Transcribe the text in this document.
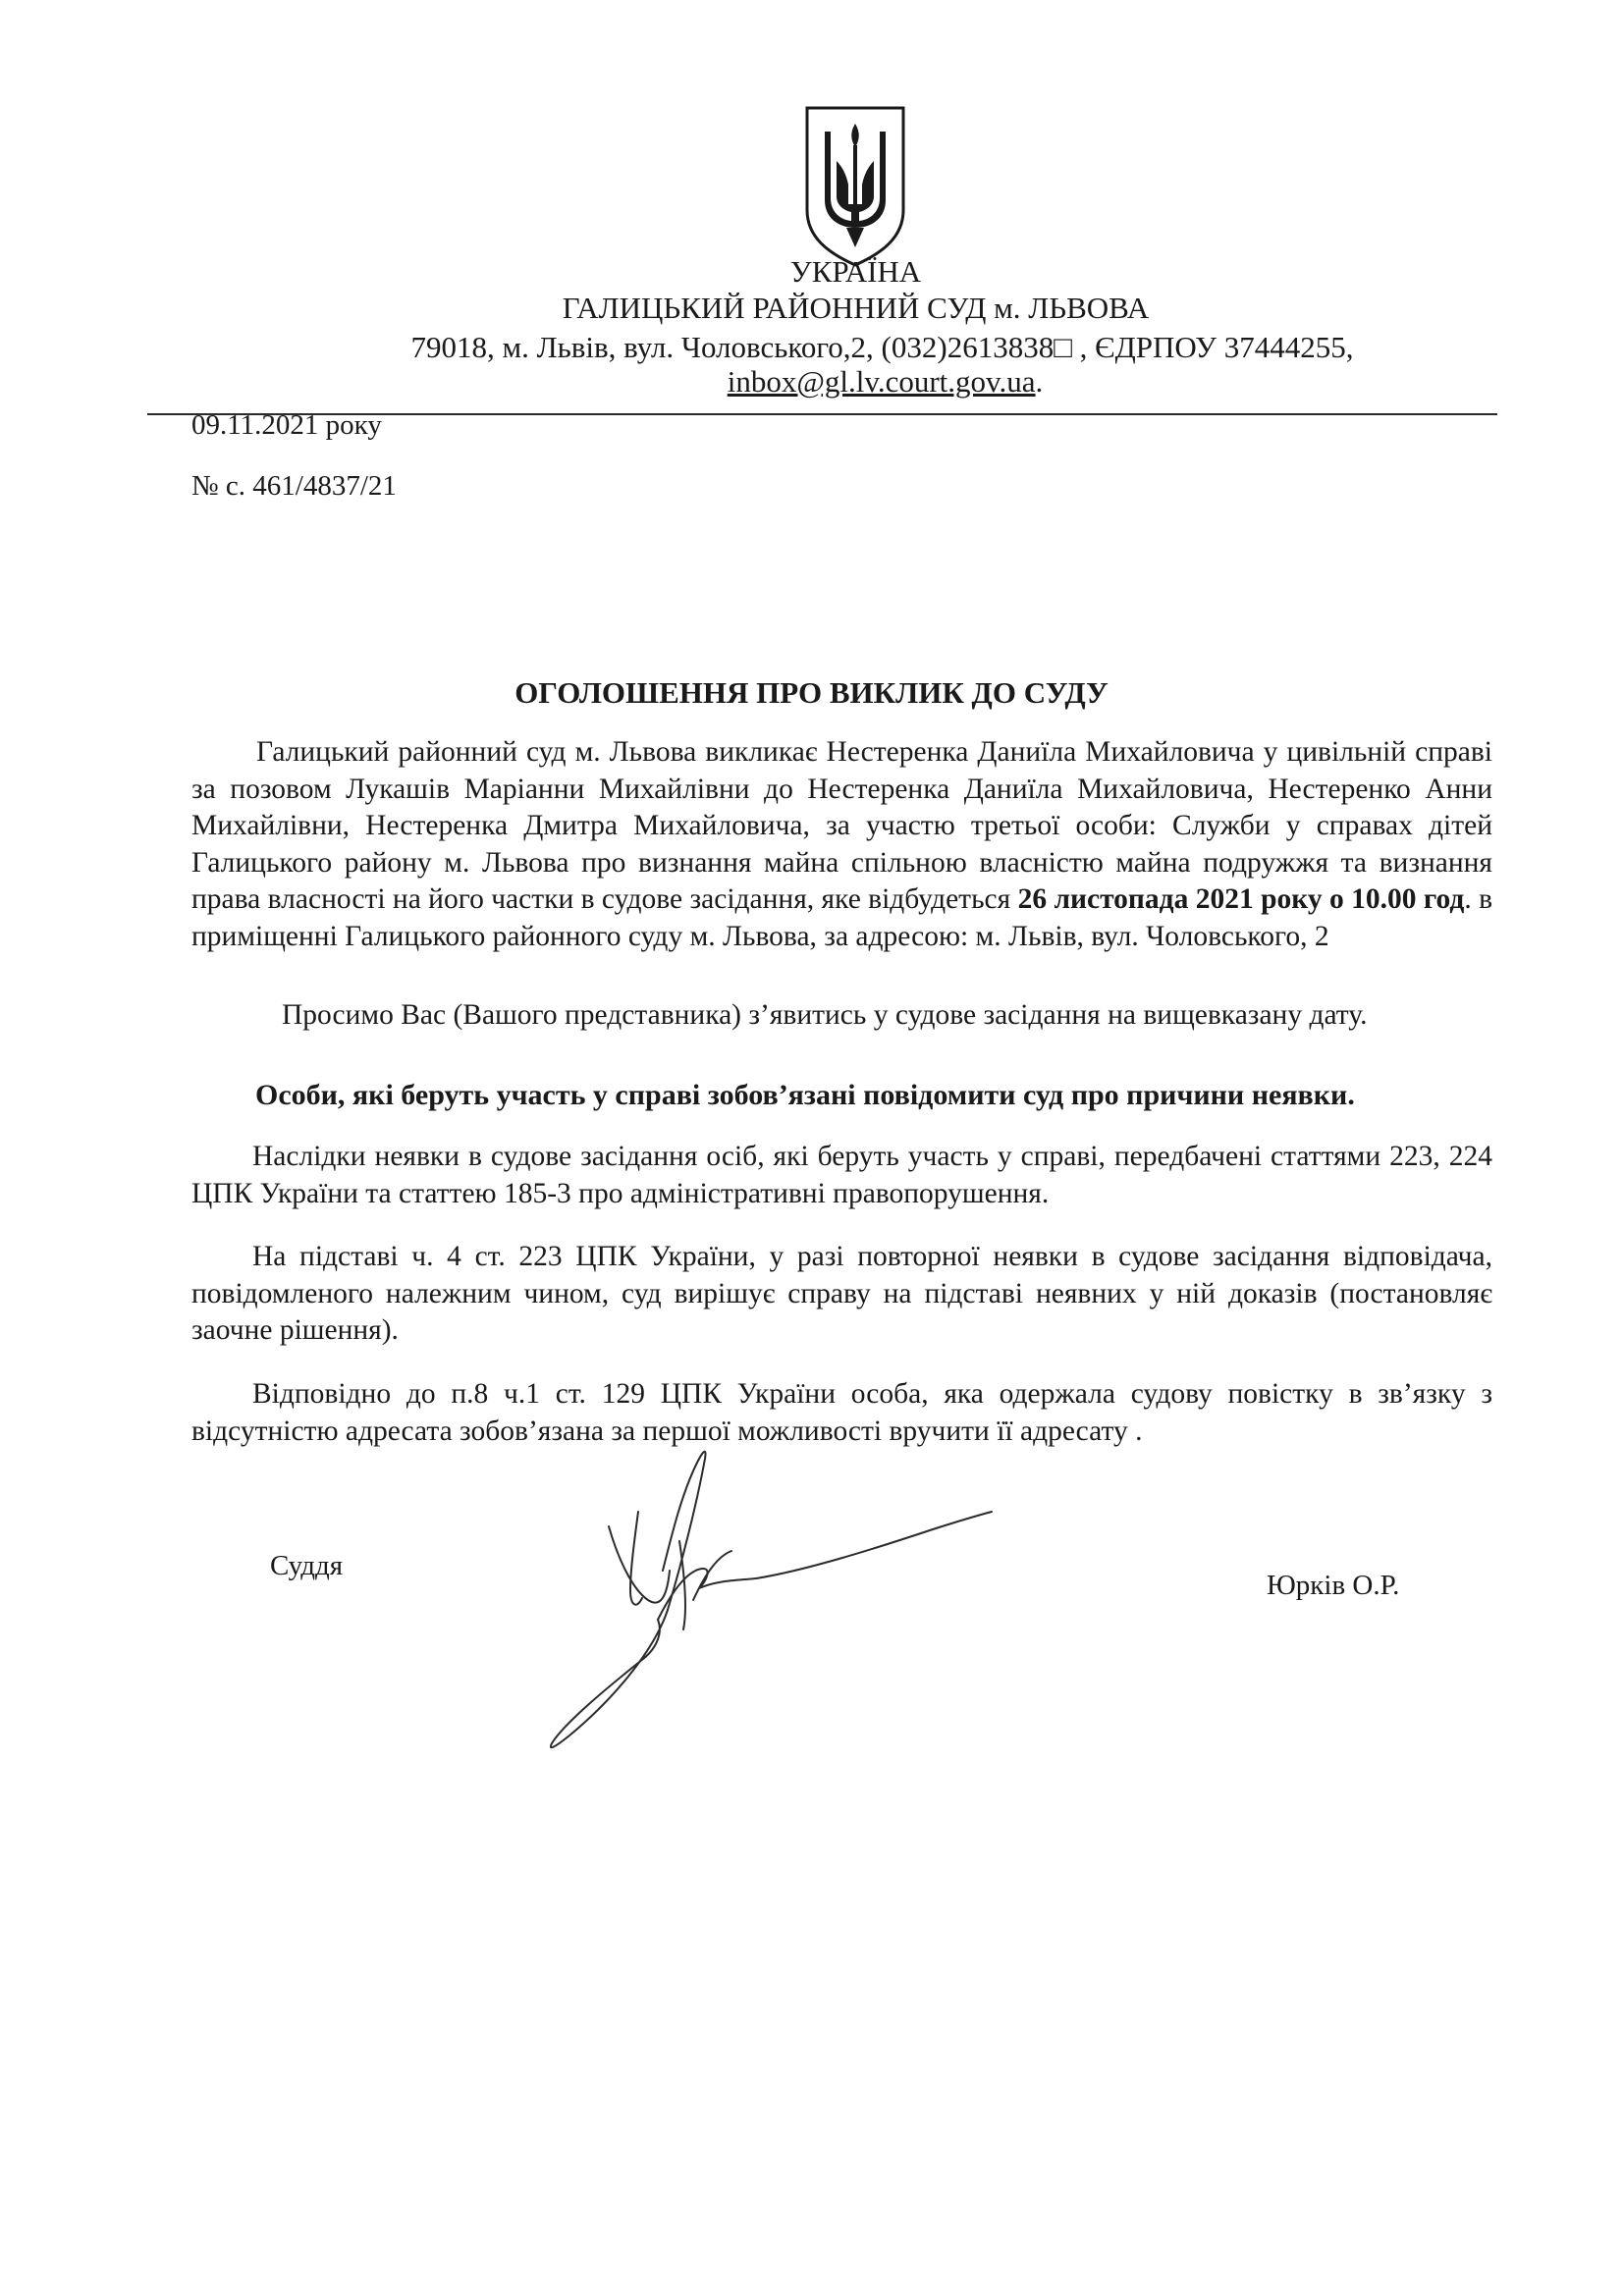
УКРАЇНА
ГАЛИЦЬКИЙ РАЙОННИЙ СУД м. ЛЬВОВА
79018, м. Львів, вул. Чоловського,2, (032)2613838□ , ЄДРПОУ 37444255,
inbox@gl.lv.court.gov.ua.
09.11.2021 року
№ с. 461/4837/21
ОГОЛОШЕННЯ ПРО ВИКЛИК ДО СУДУ
Галицький районний суд м. Львова викликає Нестеренка Даниїла Михайловича у цивільній справі за позовом Лукашів Маріанни Михайлівни до Нестеренка Даниїла Михайловича, Нестеренко Анни Михайлівни, Нестеренка Дмитра Михайловича, за участю третьої особи: Служби у справах дітей Галицького району м. Львова про визнання майна спільною власністю майна подружжя та визнання права власності на його частки в судове засідання, яке відбудеться 26 листопада 2021 року о 10.00 год. в приміщенні Галицького районного суду м. Львова, за адресою: м. Львів, вул. Чоловського, 2
Просимо Вас (Вашого представника) з’явитись у судове засідання на вищевказану дату.
Особи, які беруть участь у справі зобов’язані повідомити суд про причини неявки.
Наслідки неявки в судове засідання осіб, які беруть участь у справі, передбачені статтями 223, 224 ЦПК України та статтею 185-3 про адміністративні правопорушення.
На підставі ч. 4 ст. 223 ЦПК України, у разі повторної неявки в судове засідання відповідача, повідомленого належним чином, суд вирішує справу на підставі неявних у ній доказів (постановляє заочне рішення).
Відповідно до п.8 ч.1 ст. 129 ЦПК України особа, яка одержала судову повістку в зв’язку з відсутністю адресата зобов’язана за першої можливості вручити її адресату .
Суддя
Юрків О.Р.
